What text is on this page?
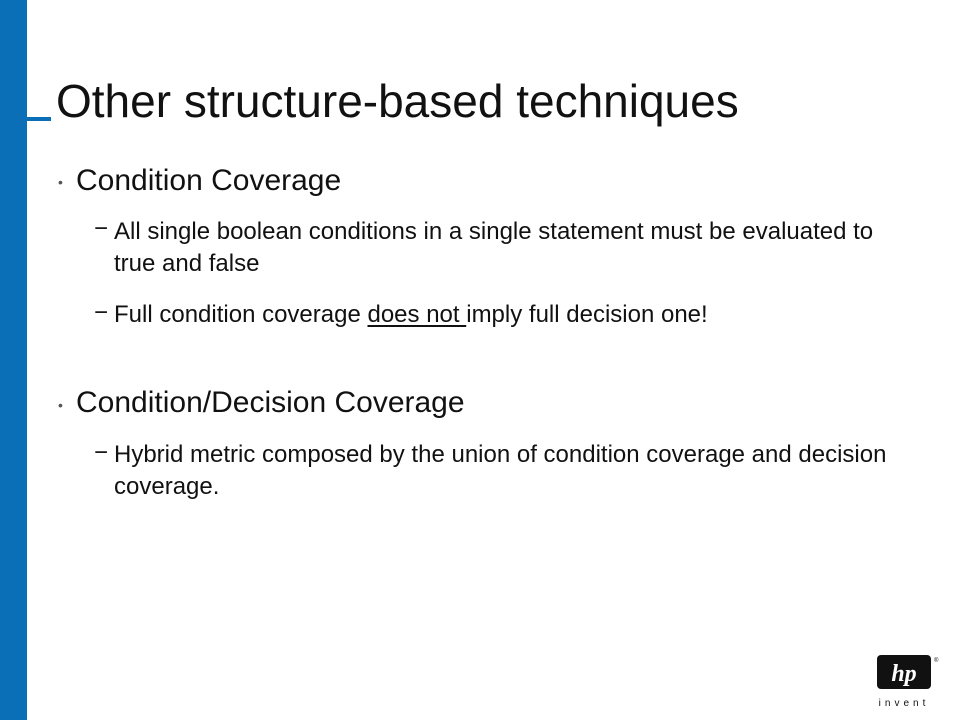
Other structure-based techniques
• Condition Coverage
− All single boolean conditions in a single statement must be evaluated to true and false
− Full condition coverage does not imply full decision one!
• Condition/Decision Coverage
− Hybrid metric composed by the union of condition coverage and decision coverage.
hp	®
invent
